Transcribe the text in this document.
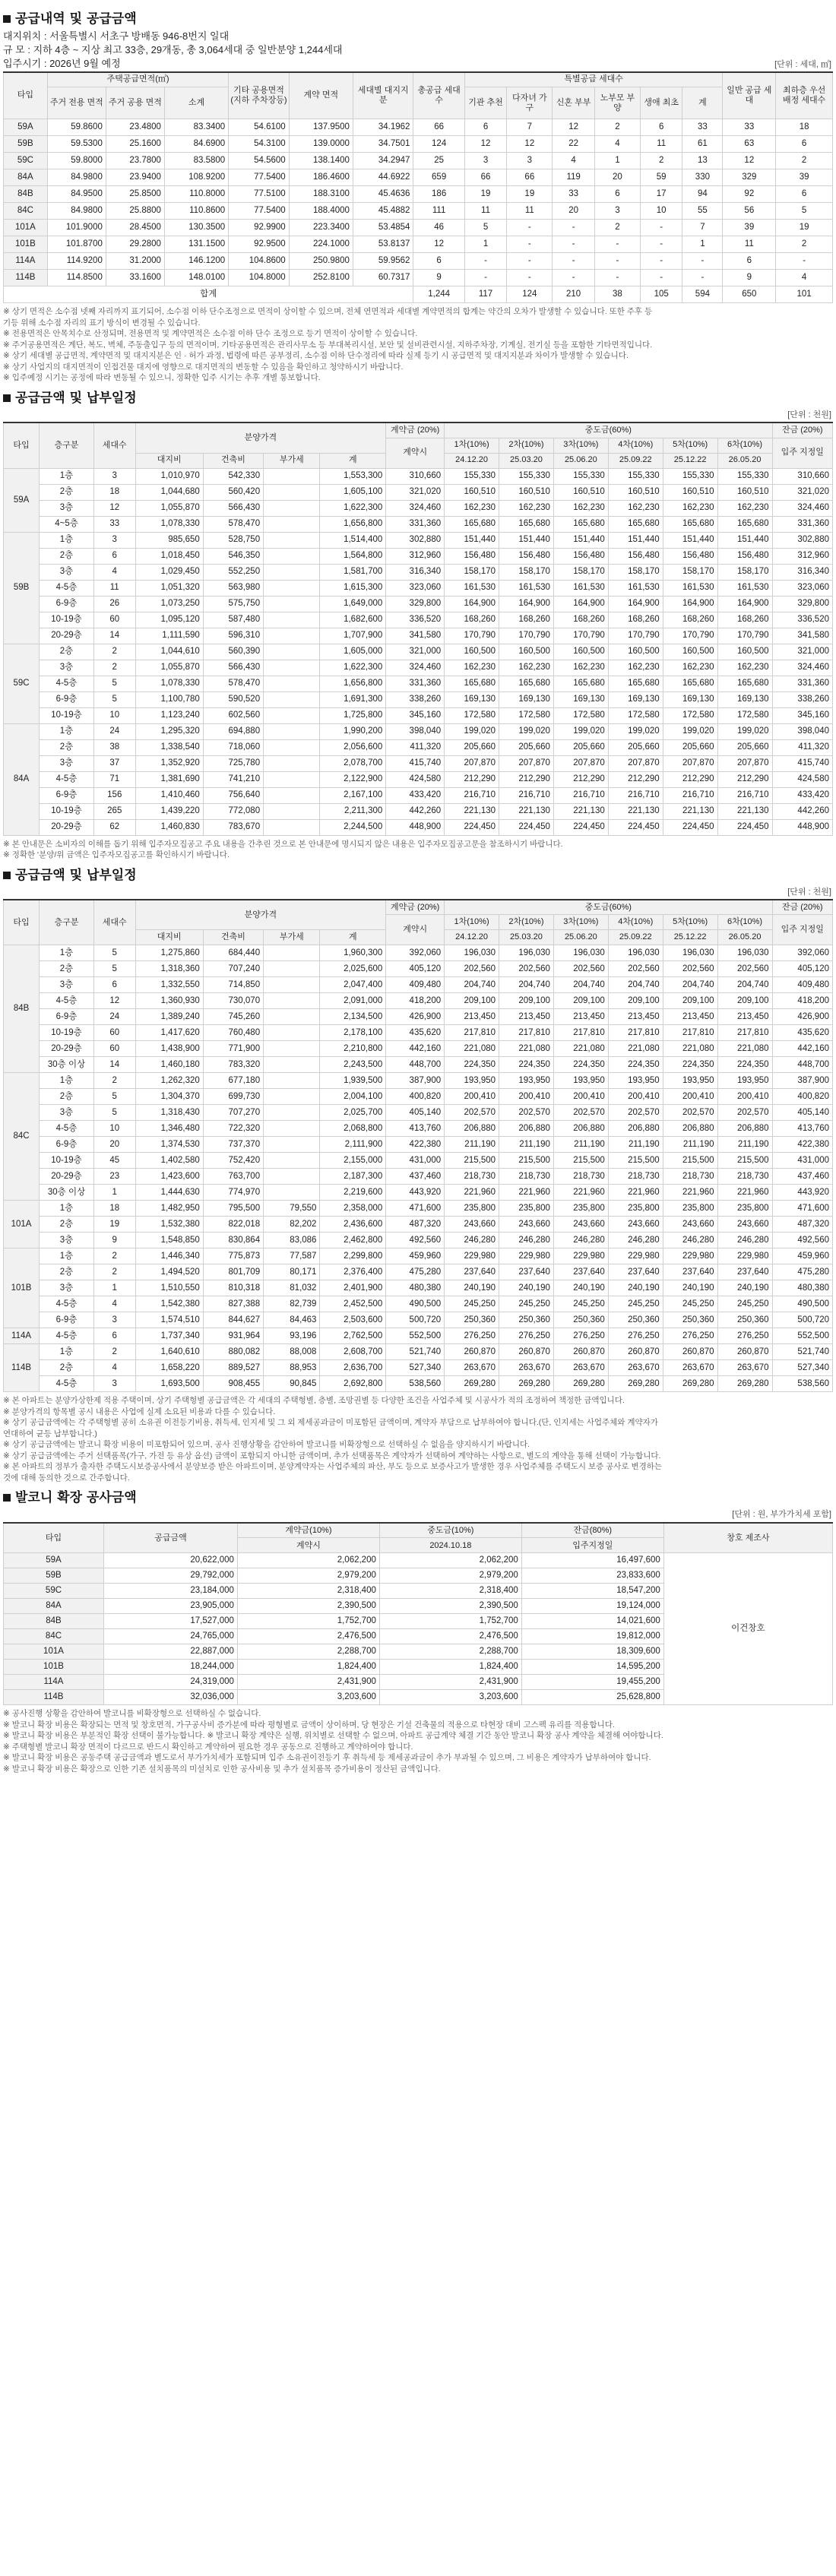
공급내역 및 공급금액
대지위치 : 서울특별시 서초구 방배동 946-8번지 일대
규 모 : 지하 4층 ~ 지상 최고 33층, 29개동, 총 3,064세대 중 일반분양 1,244세대
입주시기 : 2026년 9월 예정	[단위 : 세대, ㎡]
타입	주택공급면적(㎡)			기타 공용면적 (지하 주차장등)	계약 면적	세대별 대지지분	총공급 세대수	특별공급 세대수						일반 공급 세대	최하층 우선 배정 세대수
	주거 전용 면적	주거 공용 면적	소계					기관 추천	다자녀 가구	신혼 부부	노부모 부양	생애 최초	계		
59A	59.8600	23.4800	83.3400	54.6100	137.9500	34.1962	66	6	7	12	2	6	33	33	18
59B	59.5300	25.1600	84.6900	54.3100	139.0000	34.7501	124	12	12	22	4	11	61	63	6
59C	59.8000	23.7800	83.5800	54.5600	138.1400	34.2947	25	3	3	4	1	2	13	12	2
84A	84.9800	23.9400	108.9200	77.5400	186.4600	44.6922	659	66	66	119	20	59	330	329	39
84B	84.9500	25.8500	110.8000	77.5100	188.3100	45.4636	186	19	19	33	6	17	94	92	6
84C	84.9800	25.8800	110.8600	77.5400	188.4000	45.4882	111	11	11	20	3	10	55	56	5
101A	101.9000	28.4500	130.3500	92.9900	223.3400	53.4854	46	5	-	-	2	-	7	39	19
101B	101.8700	29.2800	131.1500	92.9500	224.1000	53.8137	12	1	-	-	-	-	1	11	2
114A	114.9200	31.2000	146.1200	104.8600	250.9800	59.9562	6	-	-	-	-	-	-	6	-
114B	114.8500	33.1600	148.0100	104.8000	252.8100	60.7317	9	-	-	-	-	-	-	9	4
합계							1,244	117	124	210	38	105	594	650	101

※ 상기 면적은 소수점 넷째 자리까지 표기되어, 소수점 이하 단수조정으로 면적이 상이할 수 있으며, 전체 연면적과 세대별 계약면적의 합계는 약간의 오차가 발생할 수 있습니다. 또한 주후 등

기등 위해 소수점 자리의 표기 방식이 변경될 수 있습니다.

※ 전용면적은 안목치수로 산정되며, 전용면적 및 계약면적은 소수점 이하 단수 조정으로 등기 면적이 상이할 수 있습니다.

※ 주거공용면적은 계단, 복도, 벽체, 주동출입구 등의 면적이며, 기타공용면적은 관리사무소 등 부대복리시설, 보안 및 설비관련시설, 지하주차장, 기계실, 전기실 등을 포함한 기타면적입니다.

※ 상기 세대별 공급면적, 계약면적 및 대지지분은 인 · 허가 과정, 법령에 따른 공부정리, 소수점 이하 단수정리에 따라 실제 등기 시 공급면적 및 대지지분과 차이가 발생할 수 있습니다.

※ 상기 사업지의 대지면적이 인접건물 대지에 영향으로 대지면적의 변동할 수 있음을 확인하고 청약하시기 바랍니다.

※ 입주예정 시기는 공정에 따라 변동될 수 있으니, 정확한 입주 시기는 추후 개별 통보합니다.

공급금액 및 납부일정
[단위 : 천원]
타입	층구분	세대수	분양가격				계약금 (20%)	중도금(60%)						잔금 (20%)
							계약시	1차(10%)	2차(10%)	3차(10%)	4차(10%)	5차(10%)	6차(10%)	입주 지정일
			대지비	건축비	부가세	계		24.12.20	25.03.20	25.06.20	25.09.22	25.12.22	26.05.20	
59A	1층	3	1,010,970	542,330		1,553,300	310,660	155,330	155,330	155,330	155,330	155,330	155,330	310,660
	2층	18	1,044,680	560,420		1,605,100	321,020	160,510	160,510	160,510	160,510	160,510	160,510	321,020
	3층	12	1,055,870	566,430		1,622,300	324,460	162,230	162,230	162,230	162,230	162,230	162,230	324,460
	4~5층	33	1,078,330	578,470		1,656,800	331,360	165,680	165,680	165,680	165,680	165,680	165,680	331,360
59B	1층	3	985,650	528,750		1,514,400	302,880	151,440	151,440	151,440	151,440	151,440	151,440	302,880
	2층	6	1,018,450	546,350		1,564,800	312,960	156,480	156,480	156,480	156,480	156,480	156,480	312,960
	3층	4	1,029,450	552,250		1,581,700	316,340	158,170	158,170	158,170	158,170	158,170	158,170	316,340
	4-5층	11	1,051,320	563,980		1,615,300	323,060	161,530	161,530	161,530	161,530	161,530	161,530	323,060
	6-9층	26	1,073,250	575,750		1,649,000	329,800	164,900	164,900	164,900	164,900	164,900	164,900	329,800
	10-19층	60	1,095,120	587,480		1,682,600	336,520	168,260	168,260	168,260	168,260	168,260	168,260	336,520
	20-29층	14	1,111,590	596,310		1,707,900	341,580	170,790	170,790	170,790	170,790	170,790	170,790	341,580
59C	2층	2	1,044,610	560,390		1,605,000	321,000	160,500	160,500	160,500	160,500	160,500	160,500	321,000
	3층	2	1,055,870	566,430		1,622,300	324,460	162,230	162,230	162,230	162,230	162,230	162,230	324,460
	4-5층	5	1,078,330	578,470		1,656,800	331,360	165,680	165,680	165,680	165,680	165,680	165,680	331,360
	6-9층	5	1,100,780	590,520		1,691,300	338,260	169,130	169,130	169,130	169,130	169,130	169,130	338,260
	10-19층	10	1,123,240	602,560		1,725,800	345,160	172,580	172,580	172,580	172,580	172,580	172,580	345,160
84A	1층	24	1,295,320	694,880		1,990,200	398,040	199,020	199,020	199,020	199,020	199,020	199,020	398,040
	2층	38	1,338,540	718,060		2,056,600	411,320	205,660	205,660	205,660	205,660	205,660	205,660	411,320
	3층	37	1,352,920	725,780		2,078,700	415,740	207,870	207,870	207,870	207,870	207,870	207,870	415,740
	4-5층	71	1,381,690	741,210		2,122,900	424,580	212,290	212,290	212,290	212,290	212,290	212,290	424,580
	6-9층	156	1,410,460	756,640		2,167,100	433,420	216,710	216,710	216,710	216,710	216,710	216,710	433,420
	10-19층	265	1,439,220	772,080		2,211,300	442,260	221,130	221,130	221,130	221,130	221,130	221,130	442,260
	20-29층	62	1,460,830	783,670		2,244,500	448,900	224,450	224,450	224,450	224,450	224,450	224,450	448,900

※ 본 안내문은 소비자의 이해를 돕기 위해 입주자모집공고 주요 내용을 간추린 것으로 본 안내문에 명시되지 않은 내용은 입주자모집공고문을 참조하시기 바랍니다.

※ 정확한 '분양/위 금액은 입주자모집공고를 확인하시기 바랍니다.

공급금액 및 납부일정
[단위 : 천원]
타입	층구분	세대수	분양가격				계약금 (20%)	중도금(60%)						잔금 (20%)
							계약시	1차(10%)	2차(10%)	3차(10%)	4차(10%)	5차(10%)	6차(10%)	입주 지정일
			대지비	건축비	부가세	계		24.12.20	25.03.20	25.06.20	25.09.22	25.12.22	26.05.20	
84B	1층	5	1,275,860	684,440		1,960,300	392,060	196,030	196,030	196,030	196,030	196,030	196,030	392,060
	2층	5	1,318,360	707,240		2,025,600	405,120	202,560	202,560	202,560	202,560	202,560	202,560	405,120
	3층	6	1,332,550	714,850		2,047,400	409,480	204,740	204,740	204,740	204,740	204,740	204,740	409,480
	4-5층	12	1,360,930	730,070		2,091,000	418,200	209,100	209,100	209,100	209,100	209,100	209,100	418,200
	6-9층	24	1,389,240	745,260		2,134,500	426,900	213,450	213,450	213,450	213,450	213,450	213,450	426,900
	10-19층	60	1,417,620	760,480		2,178,100	435,620	217,810	217,810	217,810	217,810	217,810	217,810	435,620
	20-29층	60	1,438,900	771,900		2,210,800	442,160	221,080	221,080	221,080	221,080	221,080	221,080	442,160
	30층 이상	14	1,460,180	783,320		2,243,500	448,700	224,350	224,350	224,350	224,350	224,350	224,350	448,700
84C	1층	2	1,262,320	677,180		1,939,500	387,900	193,950	193,950	193,950	193,950	193,950	193,950	387,900
	2층	5	1,304,370	699,730		2,004,100	400,820	200,410	200,410	200,410	200,410	200,410	200,410	400,820
	3층	5	1,318,430	707,270		2,025,700	405,140	202,570	202,570	202,570	202,570	202,570	202,570	405,140
	4-5층	10	1,346,480	722,320		2,068,800	413,760	206,880	206,880	206,880	206,880	206,880	206,880	413,760
	6-9층	20	1,374,530	737,370		2,111,900	422,380	211,190	211,190	211,190	211,190	211,190	211,190	422,380
	10-19층	45	1,402,580	752,420		2,155,000	431,000	215,500	215,500	215,500	215,500	215,500	215,500	431,000
	20-29층	23	1,423,600	763,700		2,187,300	437,460	218,730	218,730	218,730	218,730	218,730	218,730	437,460
	30층 이상	1	1,444,630	774,970		2,219,600	443,920	221,960	221,960	221,960	221,960	221,960	221,960	443,920
101A	1층	18	1,482,950	795,500	79,550	2,358,000	471,600	235,800	235,800	235,800	235,800	235,800	235,800	471,600
	2층	19	1,532,380	822,018	82,202	2,436,600	487,320	243,660	243,660	243,660	243,660	243,660	243,660	487,320
	3층	9	1,548,850	830,864	83,086	2,462,800	492,560	246,280	246,280	246,280	246,280	246,280	246,280	492,560
101B	1층	2	1,446,340	775,873	77,587	2,299,800	459,960	229,980	229,980	229,980	229,980	229,980	229,980	459,960
	2층	2	1,494,520	801,709	80,171	2,376,400	475,280	237,640	237,640	237,640	237,640	237,640	237,640	475,280
	3층	1	1,510,550	810,318	81,032	2,401,900	480,380	240,190	240,190	240,190	240,190	240,190	240,190	480,380
	4-5층	4	1,542,380	827,388	82,739	2,452,500	490,500	245,250	245,250	245,250	245,250	245,250	245,250	490,500
	6-9층	3	1,574,510	844,627	84,463	2,503,600	500,720	250,360	250,360	250,360	250,360	250,360	250,360	500,720
114A	4-5층	6	1,737,340	931,964	93,196	2,762,500	552,500	276,250	276,250	276,250	276,250	276,250	276,250	552,500
114B	1층	2	1,640,610	880,082	88,008	2,608,700	521,740	260,870	260,870	260,870	260,870	260,870	260,870	521,740
	2층	4	1,658,220	889,527	88,953	2,636,700	527,340	263,670	263,670	263,670	263,670	263,670	263,670	527,340
	4-5층	3	1,693,500	908,455	90,845	2,692,800	538,560	269,280	269,280	269,280	269,280	269,280	269,280	538,560

※ 본 아파트는 분양가상한제 적용 주택이며, 상기 주택형별 공급금액은 각 세대의 주택형별, 층별, 조망권별 등 다양한 조건을 사업주체 및 시공사가 적의 조정하여 책정한 금액입니다.

※ 분양가격의 항목별 공시 내용은 사업에 실제 소요된 비용과 다를 수 있습니다.

※ 상기 공급금액에는 각 주택형별 공히 소유권 이전등기비용, 취득세, 인지세 및 그 외 제세공과금이 미포함된 금액이며, 계약자 부담으로 납부하여야 합니다.(단, 인지세는 사업주체와 계약자가

연대하여 균등 납부합니다.)

※ 상기 공급금액에는 발코니 확장 비용이 미포함되어 있으며, 공사 진행상황을 감안하여 발코니를 비확장형으로 선택하실 수 없음을 양지하시기 바랍니다.

※ 상기 공급금액에는 주거 선택품목(가구, 가전 등 유상 옵션) 금액이 포함되지 아니한 금액이며, 추가 선택품목은 계약자가 선택하여 계약하는 사항으로, 별도의 계약을 통해 선택이 가능합니다.

※ 본 아파트의 정부가 출자한 주택도시보증공사에서 분양보증 받은 아파트이며, 분양계약자는 사업주체의 파산, 부도 등으로 보증사고가 발생한 경우 사업주체를 주택도시 보증 공사로 변경하는

것에 대해 동의한 것으로 간주합니다.

발코니 확장 공사금액
[단위 : 원, 부가가치세 포함]
타입	공급금액	계약금(10%)	중도금(10%)	잔금(80%)	창호 제조사
		계약시	2024.10.18	입주지정일	
59A	20,622,000	2,062,200	2,062,200	16,497,600	이건창호
59B	29,792,000	2,979,200	2,979,200	23,833,600	
59C	23,184,000	2,318,400	2,318,400	18,547,200	
84A	23,905,000	2,390,500	2,390,500	19,124,000	
84B	17,527,000	1,752,700	1,752,700	14,021,600	
84C	24,765,000	2,476,500	2,476,500	19,812,000	
101A	22,887,000	2,288,700	2,288,700	18,309,600	
101B	18,244,000	1,824,400	1,824,400	14,595,200	
114A	24,319,000	2,431,900	2,431,900	19,455,200	
114B	32,036,000	3,203,600	3,203,600	25,628,800	

※ 공사진행 상황을 감안하여 발코니를 비확장형으로 선택하실 수 없습니다.

※ 발코니 확장 비용은 확장되는 면적 및 창호면적, 가구공사비 증가분에 따라 평형별로 금액이 상이하며, 당 현장은 기설 건축물의 적용으로 타현장 대비 고스펙 유리를 적용합니다.

※ 발코니 확장 비용은 부분적인 확장 선택이 불가능합니다. ※ 발코니 확장 계약은 실행, 위치별로 선택할 수 없으며, 아파트 공급계약 체결 기간 동안 발코니 확장 공사 계약을 체결해 여야합니다.

※ 주택형별 발코니 확장 면적이 다르므로 반드시 확인하고 계약하여 필요한 경우 공동으로 진행하고 계약하여야 합니다.

※ 발코니 확장 비용은 공동주택 공급금액과 별도로서 부가가치세가 포함되며 입주 소유권이전등기 후 취득세 등 제세공과금이 추가 부과될 수 있으며, 그 비용은 계약자가 납부하여야 합니다.

※ 발코니 확장 비용은 확장으로 인한 기존 설치품목의 미설치로 인한 공사비용 및 추가 설치품목 증가비용이 정산된 금액입니다.
